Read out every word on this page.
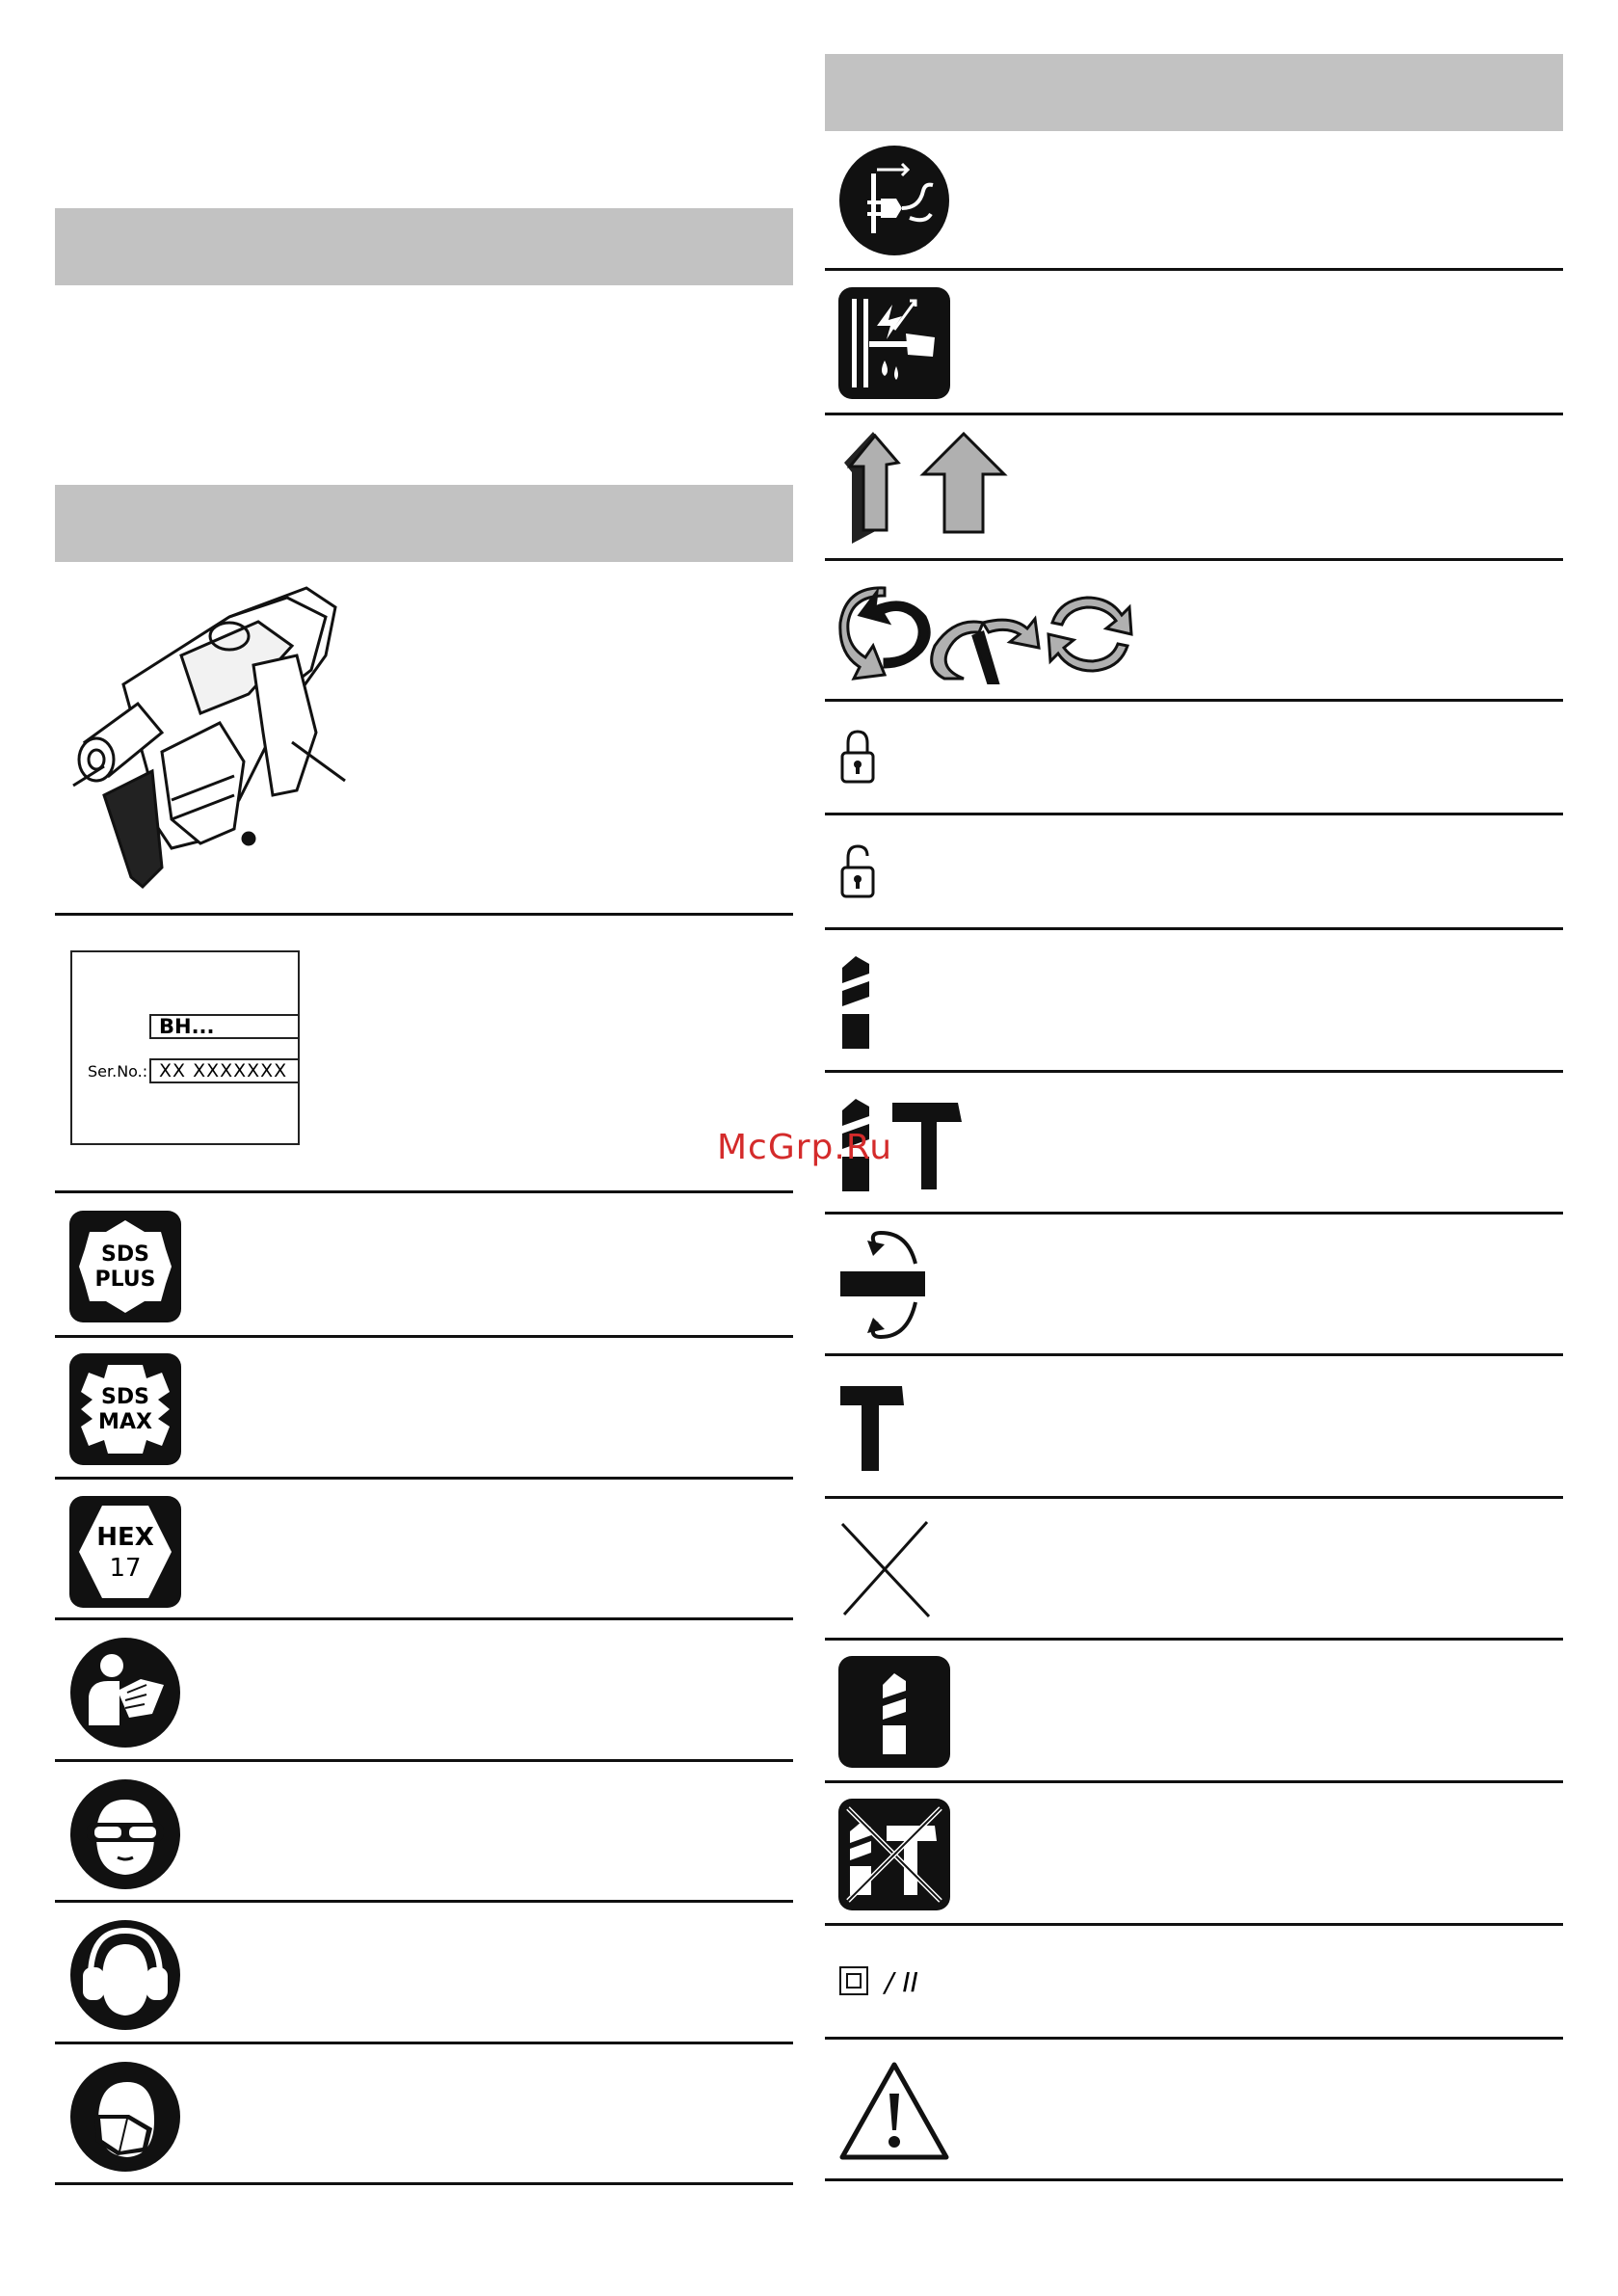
BH...
Ser.No.: XX XXXXXXX
SDS
PLUS
SDS
MAX
HEX
17
/ II
McGrp.Ru
